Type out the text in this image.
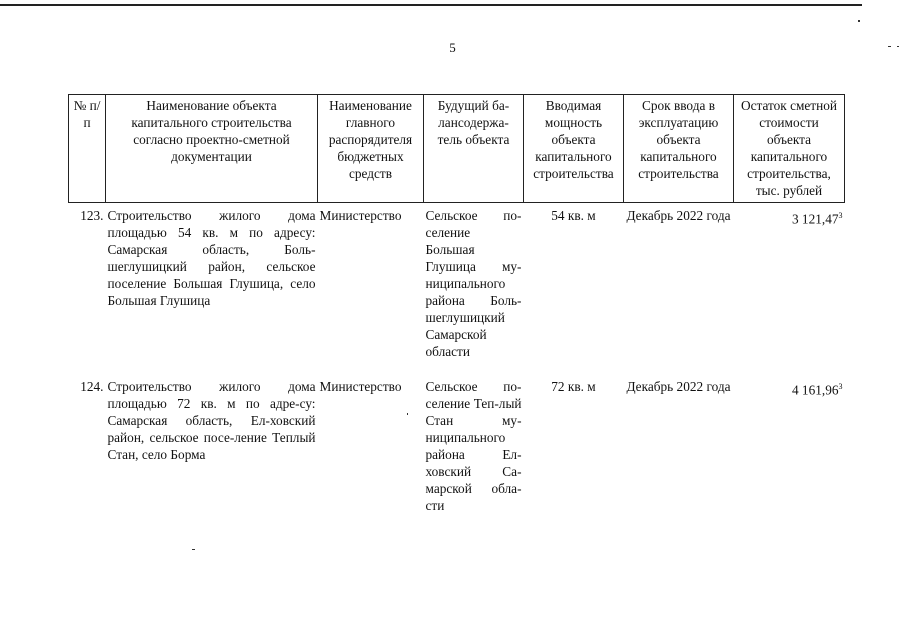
5
№ п/п	Наименование объекта капитального строительства согласно проектно-сметной документации	Наименование главного распорядителя бюджетных средств	Будущий ба-лансодержа-тель объекта	Вводимая мощность объекта капитального строительства	Срок ввода в эксплуатацию объекта капитального строительства	Остаток сметной стоимости объекта капитального строительства, тыс. рублей
123.	Строительство жилого дома площадью 54 кв. м по адресу: Самарская область, Боль-шеглушицкий район, сельское поселение Большая Глушица, село Большая Глушица	Министерство	Сельское по-селение Большая Глушица му-ниципального района Боль-шеглушицкий Самарской области	54 кв. м	Декабрь 2022 года	3 121,47$^3$
124.	Строительство жилого дома площадью 72 кв. м по адре-су: Самарская область, Ел-ховский район, сельское посе-ление Теплый Стан, село Борма	Министерство	Сельское по-селение Теп-лый Стан му-ниципального района Ел-ховский Са-марской обла-сти	72 кв. м	Декабрь 2022 года	4 161,96$^3$
